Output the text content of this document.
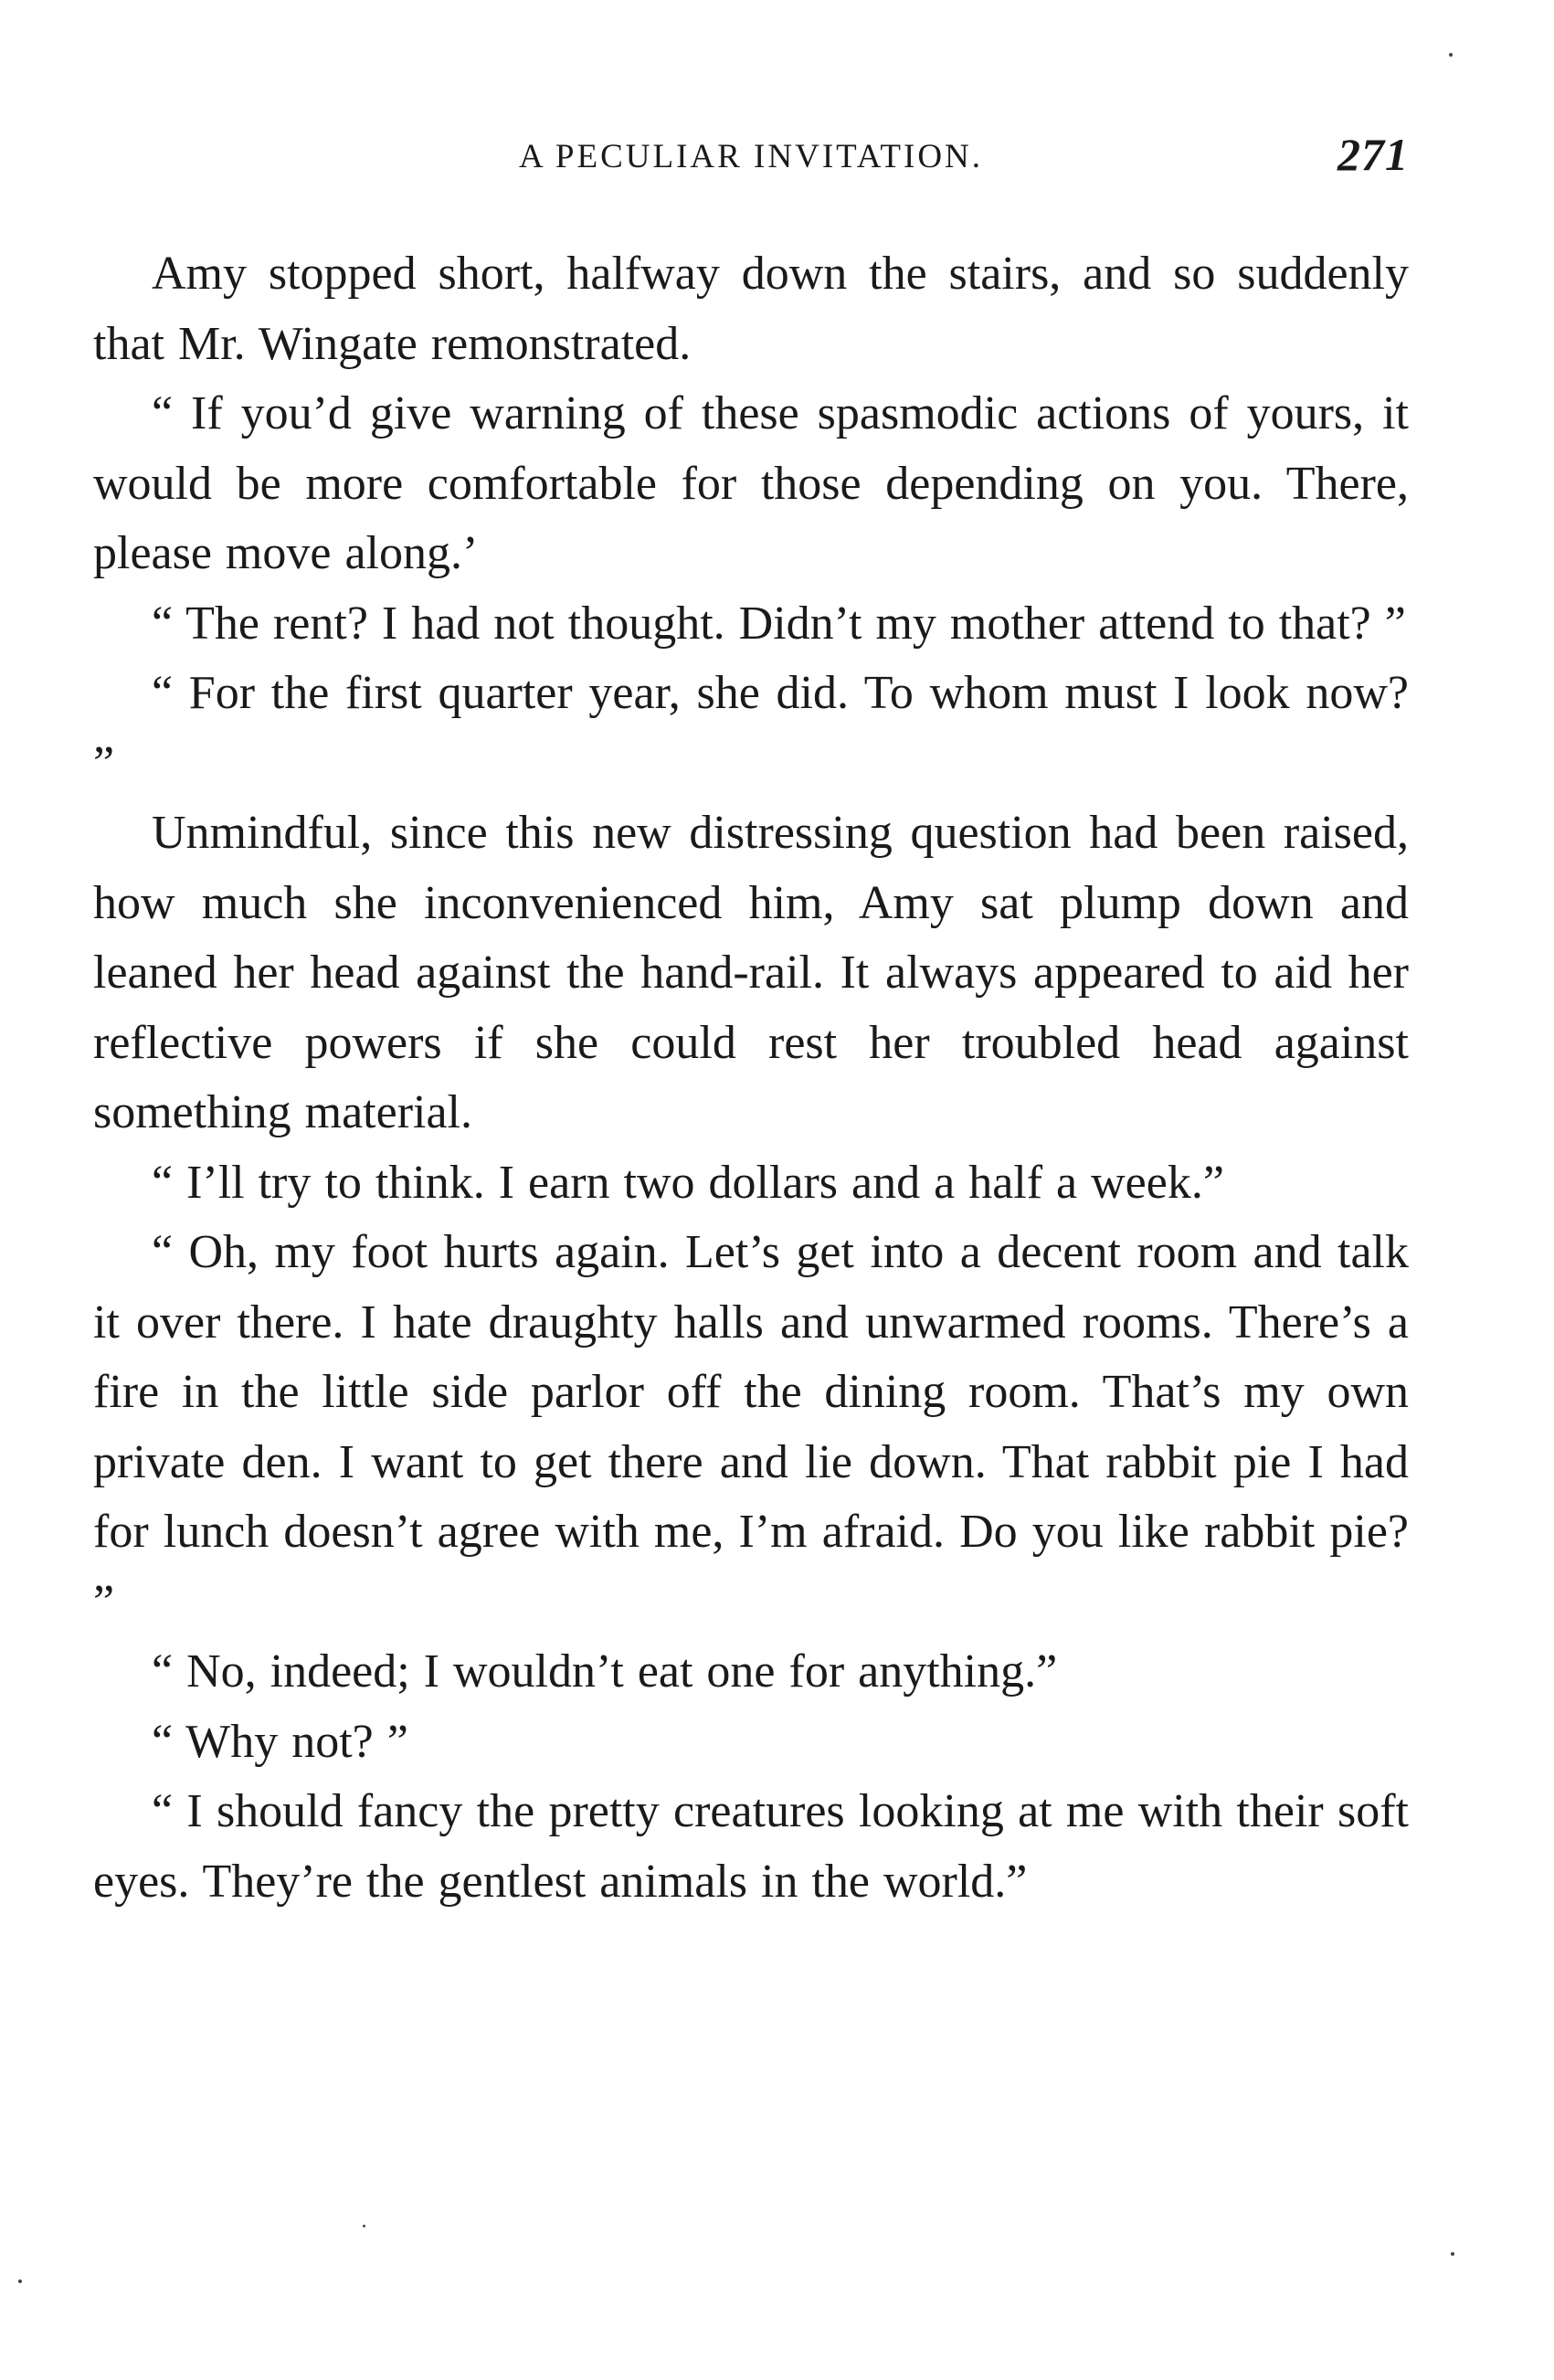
A PECULIAR INVITATION.	271

Amy stopped short, halfway down the stairs, and so suddenly that Mr. Wingate remonstrated.

“ If you’d give warning of these spasmodic actions of yours, it would be more comfortable for those depending on you. There, please move along.’

“ The rent? I had not thought. Didn’t my mother attend to that? ”

“ For the first quarter year, she did. To whom must I look now? ”

Unmindful, since this new distressing question had been raised, how much she inconvenienced him, Amy sat plump down and leaned her head against the hand-rail. It always appeared to aid her reflective powers if she could rest her troubled head against something material.

“ I’ll try to think. I earn two dollars and a half a week.”

“ Oh, my foot hurts again. Let’s get into a decent room and talk it over there. I hate draughty halls and unwarmed rooms. There’s a fire in the little side parlor off the dining room. That’s my own private den. I want to get there and lie down. That rabbit pie I had for lunch doesn’t agree with me, I’m afraid. Do you like rabbit pie? ”

“ No, indeed; I wouldn’t eat one for anything.”

“ Why not? ”

“ I should fancy the pretty creatures looking at me with their soft eyes. They’re the gentlest animals in the world.”
